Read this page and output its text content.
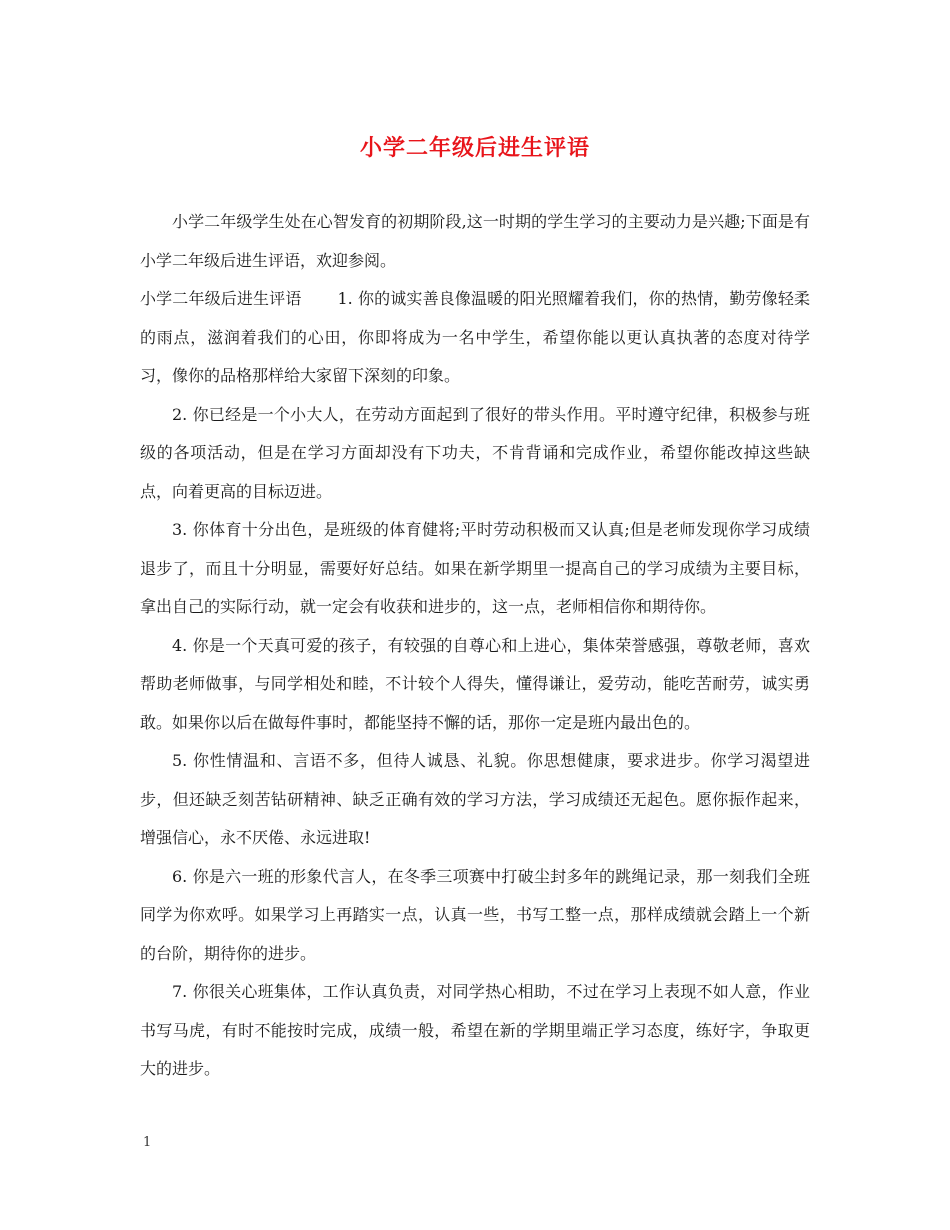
小学二年级后进生评语

小学二年级学生处在心智发育的初期阶段,这一时期的学生学习的主要动力是兴趣;下面是有小学二年级后进生评语，欢迎参阅。

小学二年级后进生评语 1. 你的诚实善良像温暖的阳光照耀着我们，你的热情，勤劳像轻柔的雨点，滋润着我们的心田，你即将成为一名中学生，希望你能以更认真执著的态度对待学习，像你的品格那样给大家留下深刻的印象。

2. 你已经是一个小大人，在劳动方面起到了很好的带头作用。平时遵守纪律，积极参与班级的各项活动，但是在学习方面却没有下功夫，不肯背诵和完成作业，希望你能改掉这些缺点，向着更高的目标迈进。

3. 你体育十分出色，是班级的体育健将;平时劳动积极而又认真;但是老师发现你学习成绩退步了，而且十分明显，需要好好总结。如果在新学期里一提高自己的学习成绩为主要目标，拿出自己的实际行动，就一定会有收获和进步的，这一点，老师相信你和期待你。

4. 你是一个天真可爱的孩子，有较强的自尊心和上进心，集体荣誉感强，尊敬老师，喜欢帮助老师做事，与同学相处和睦，不计较个人得失，懂得谦让，爱劳动，能吃苦耐劳，诚实勇敢。如果你以后在做每件事时，都能坚持不懈的话，那你一定是班内最出色的。

5. 你性情温和、言语不多，但待人诚恳、礼貌。你思想健康，要求进步。你学习渴望进步，但还缺乏刻苦钻研精神、缺乏正确有效的学习方法，学习成绩还无起色。愿你振作起来，增强信心，永不厌倦、永远进取!

6. 你是六一班的形象代言人，在冬季三项赛中打破尘封多年的跳绳记录，那一刻我们全班同学为你欢呼。如果学习上再踏实一点，认真一些，书写工整一点，那样成绩就会踏上一个新的台阶，期待你的进步。

7. 你很关心班集体，工作认真负责，对同学热心相助，不过在学习上表现不如人意，作业书写马虎，有时不能按时完成，成绩一般，希望在新的学期里端正学习态度，练好字，争取更大的进步。

1
